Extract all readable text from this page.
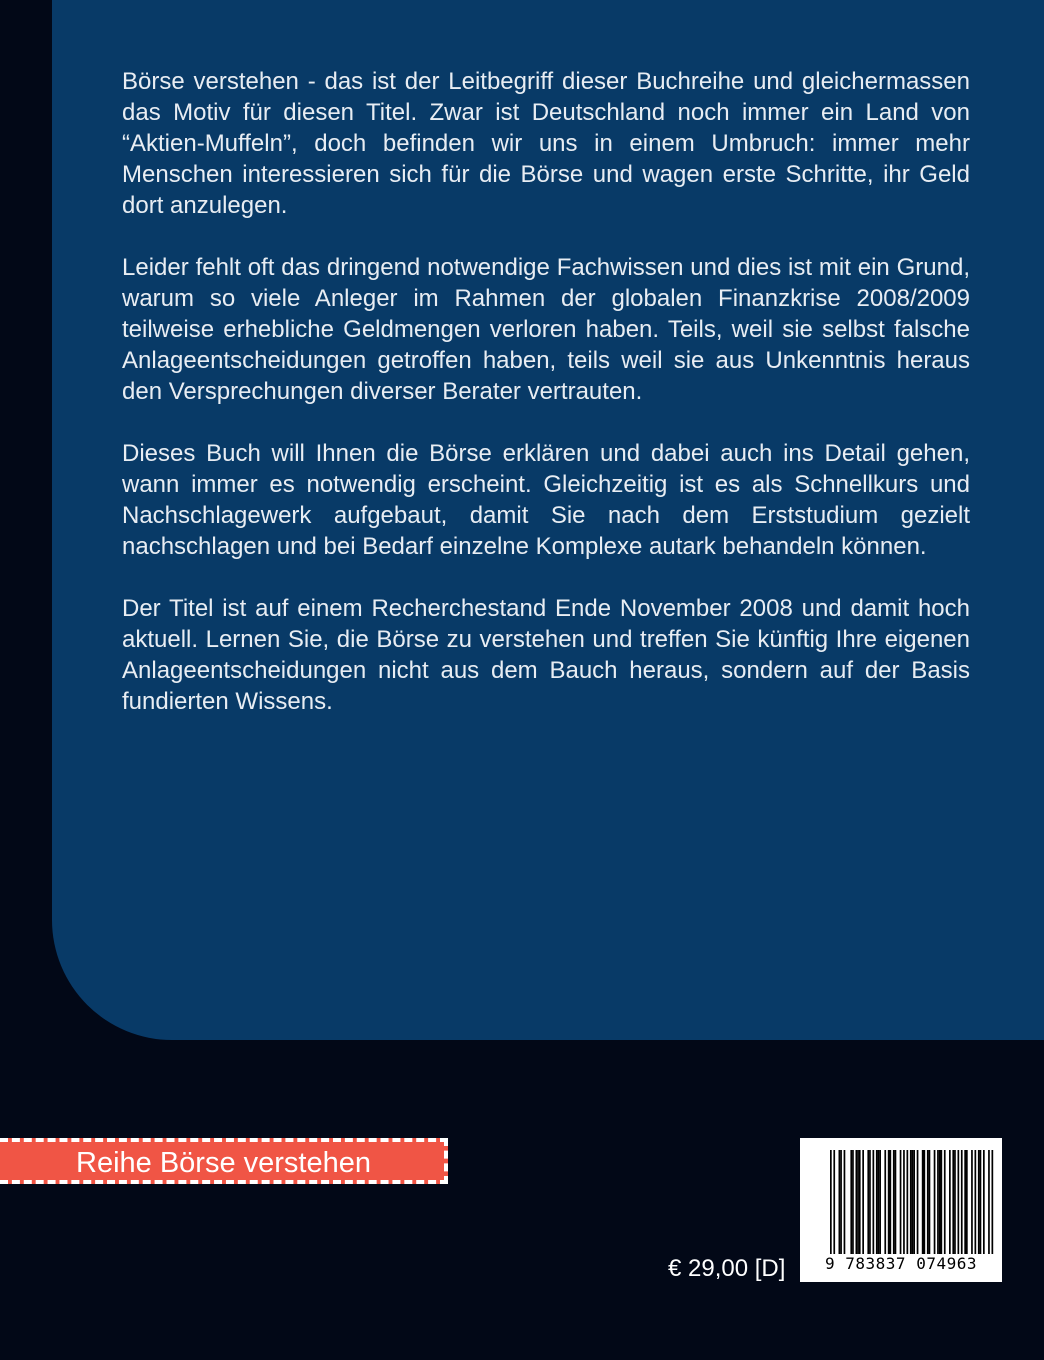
Börse verstehen - das ist der Leitbegriff dieser Buchreihe und gleichermassen das Motiv für diesen Titel. Zwar ist Deutschland noch immer ein Land von “Aktien-Muffeln”, doch befinden wir uns in einem Umbruch: immer mehr Menschen interessieren sich für die Börse und wagen erste Schritte, ihr Geld dort anzulegen.

Leider fehlt oft das dringend notwendige Fachwissen und dies ist mit ein Grund, warum so viele Anleger im Rahmen der globalen Finanzkrise 2008/2009 teilweise erhebliche Geldmengen verloren haben. Teils, weil sie selbst falsche Anlageentscheidungen getroffen haben, teils weil sie aus Unkenntnis heraus den Versprechungen diverser Berater vertrauten.

Dieses Buch will Ihnen die Börse erklären und dabei auch ins Detail gehen, wann immer es notwendig erscheint. Gleichzeitig ist es als Schnellkurs und Nachschlagewerk aufgebaut, damit Sie nach dem Erststudium gezielt nachschlagen und bei Bedarf einzelne Komplexe autark behandeln können.

Der Titel ist auf einem Recherchestand Ende November 2008 und damit hoch aktuell. Lernen Sie, die Börse zu verstehen und treffen Sie künftig Ihre eigenen Anlageentscheidungen nicht aus dem Bauch heraus, sondern auf der Basis fundierten Wissens.

Reihe Börse verstehen
€ 29,00 [D]	9 783837 074963
